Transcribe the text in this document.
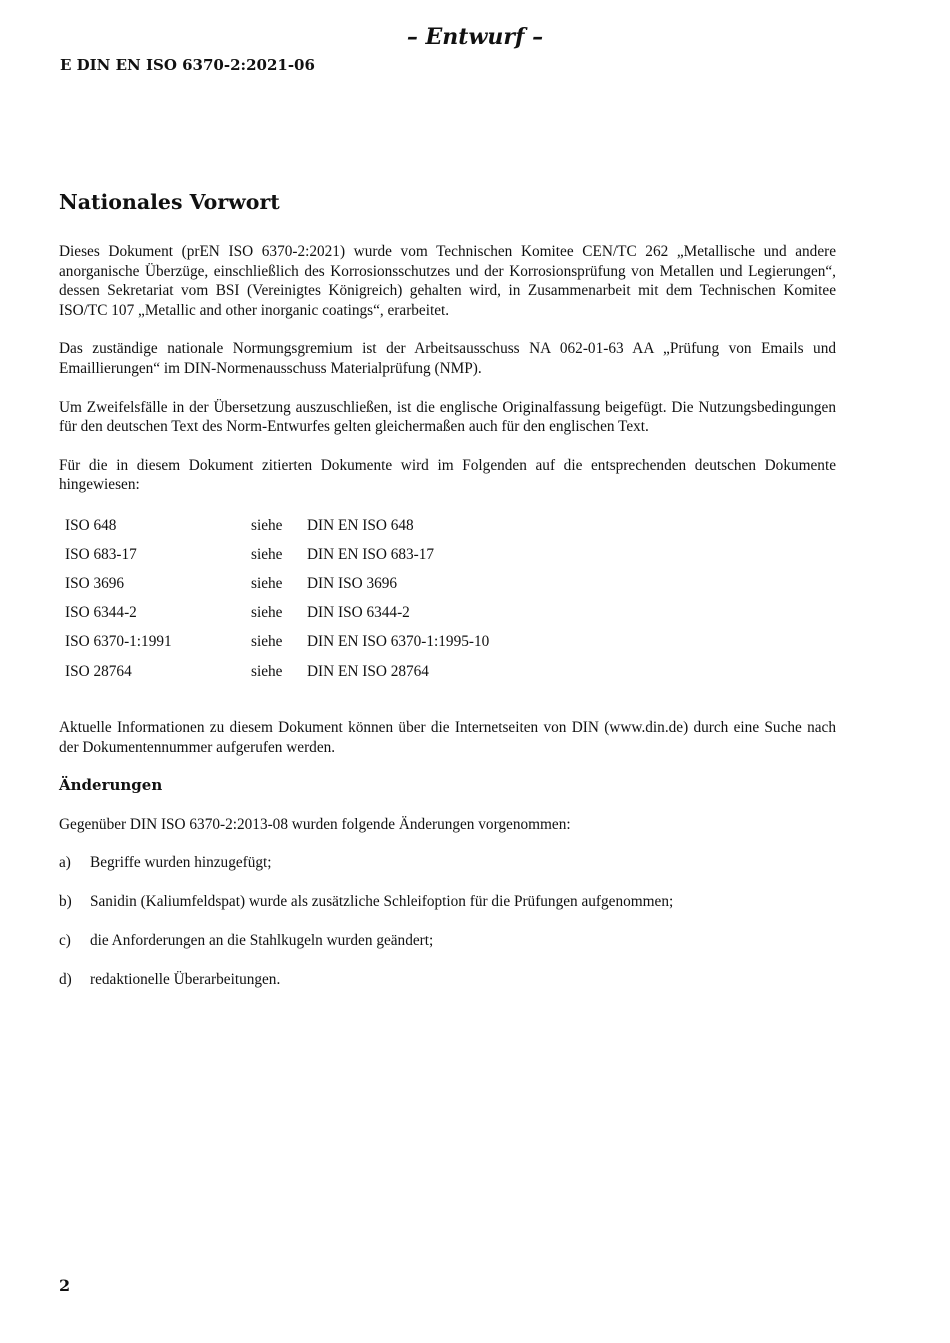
– Entwurf –
E DIN EN ISO 6370-2:2021-06
Nationales Vorwort

Dieses Dokument (prEN ISO 6370-2:2021) wurde vom Technischen Komitee CEN/TC 262 „Metallische und andere anorganische Überzüge, einschließlich des Korrosionsschutzes und der Korrosionsprüfung von Metallen und Legierungen“, dessen Sekretariat vom BSI (Vereinigtes Königreich) gehalten wird, in Zusammenarbeit mit dem Technischen Komitee ISO/TC 107 „Metallic and other inorganic coatings“, erarbeitet.

Das zuständige nationale Normungsgremium ist der Arbeitsausschuss NA 062-01-63 AA „Prüfung von Emails und Emaillierungen“ im DIN-Normenausschuss Materialprüfung (NMP).

Um Zweifelsfälle in der Übersetzung auszuschließen, ist die englische Originalfassung beigefügt. Die Nutzungsbedingungen für den deutschen Text des Norm-Entwurfes gelten gleichermaßen auch für den englischen Text.

Für die in diesem Dokument zitierten Dokumente wird im Folgenden auf die entsprechenden deutschen Dokumente hingewiesen:

ISO 648	siehe	DIN EN ISO 648
ISO 683-17	siehe	DIN EN ISO 683-17
ISO 3696	siehe	DIN ISO 3696
ISO 6344-2	siehe	DIN ISO 6344-2
ISO 6370-1:1991	siehe	DIN EN ISO 6370-1:1995-10
ISO 28764	siehe	DIN EN ISO 28764

Aktuelle Informationen zu diesem Dokument können über die Internetseiten von DIN (www.din.de) durch eine Suche nach der Dokumentennummer aufgerufen werden.

Änderungen

Gegenüber DIN ISO 6370-2:2013-08 wurden folgende Änderungen vorgenommen:

a)	Begriffe wurden hinzugefügt;
b)	Sanidin (Kaliumfeldspat) wurde als zusätzliche Schleifoption für die Prüfungen aufgenommen;
c)	die Anforderungen an die Stahlkugeln wurden geändert;
d)	redaktionelle Überarbeitungen.
2
